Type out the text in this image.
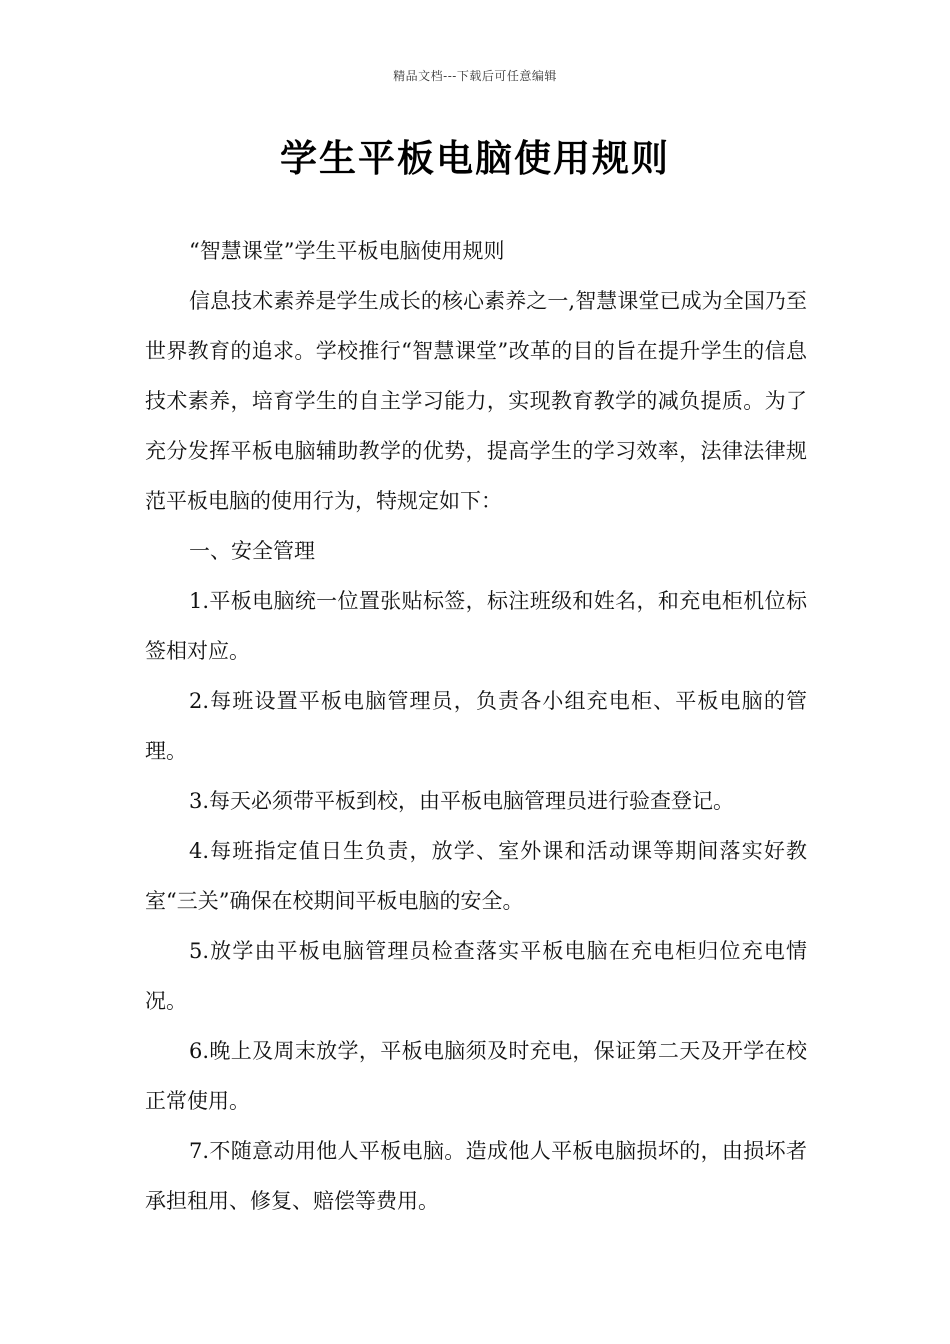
精品文档---下载后可任意编辑
学生平板电脑使用规则

“智慧课堂”学生平板电脑使用规则

信息技术素养是学生成长的核心素养之一,智慧课堂已成为全国乃至世界教育的追求。学校推行“智慧课堂”改革的目的旨在提升学生的信息技术素养，培育学生的自主学习能力，实现教育教学的减负提质。为了充分发挥平板电脑辅助教学的优势，提高学生的学习效率，法律法律规范平板电脑的使用行为，特规定如下：

一、安全管理

1.平板电脑统一位置张贴标签，标注班级和姓名，和充电柜机位标签相对应。

2.每班设置平板电脑管理员，负责各小组充电柜、平板电脑的管理。

3.每天必须带平板到校，由平板电脑管理员进行验查登记。

4.每班指定值日生负责，放学、室外课和活动课等期间落实好教室“三关”确保在校期间平板电脑的安全。

5.放学由平板电脑管理员检查落实平板电脑在充电柜归位充电情况。

6.晚上及周末放学，平板电脑须及时充电，保证第二天及开学在校正常使用。

7.不随意动用他人平板电脑。造成他人平板电脑损坏的，由损坏者承担租用、修复、赔偿等费用。
